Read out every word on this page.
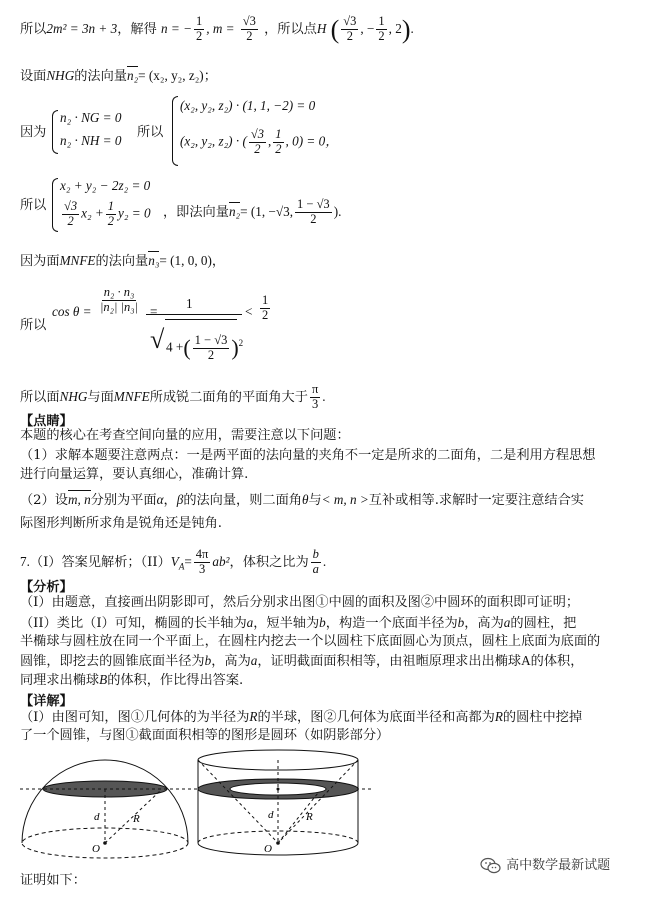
所以2m² = 3n + 3，解得 n = − $\frac{1}{2}$ , $m = \frac{√3}{2}$ ，所以点H ( $\frac{√3}{2}$ , − $\frac{1}{2}$ , 2).
设面NHG的法向量n₂= (x₂, y₂, z₂)；
因为
n₂ · NG = 0
n₂ · NH = 0
所以
(x₂, y₂, z₂) · (1, 1, −2) = 0
(x₂, y₂, z₂) · ( $\frac{√3}{2}$ , $\frac{1}{2}$ , 0) = 0，
所以
x₂ + y₂ − 2z₂ = 0
$\frac{√3}{2} x_2 + \frac{1}{2} y_2 = 0$ ，即法向量n₂= (1, −√3, $\frac{1 - √3}{2}$ ).
因为面MNFE的法向量n₃= (1, 0, 0)，
所以
$\cos \theta = \frac{\text{n₂ · n₃}}{\text{|n₂| |n₃|}}$ =
1
√ 4 +( $\frac{1 - √3}{2} )^2$
< $\frac{1}{2}$
所以面NHG与面MNFE所成锐二面角的平面角大于 $\frac{\pi}{3}$ .
【点睛】
本题的核心在考查空间向量的应用，需要注意以下问题：
（1）求解本题要注意两点：一是两平面的法向量的夹角不一定是所求的二面角，二是利用方程思想
进行向量运算，要认真细心，准确计算.
（2）设m, n分别为平面α，β的法向量，则二面角θ与< m, n >互补或相等.求解时一定要注意结合实
际图形判断所求角是锐角还是钝角.
7.（I）答案见解析；$(II)V_A= \frac{4\pi}{3} ab^2$，体积之比为 $\frac{b}{a}$ .
【分析】
（I）由题意，直接画出阴影即可，然后分别求出图①中圆的面积及图②中圆环的面积即可证明；
（II）类比（I）可知，椭圆的长半轴为a，短半轴为b，构造一个底面半径为b，高为a的圆柱，把
半椭球与圆柱放在同一个平面上，在圆柱内挖去一个以圆柱下底面圆心为顶点，圆柱上底面为底面的
圆锥，即挖去的圆锥底面半径为b，高为a，证明截面面积相等，由祖暅原理求出出椭球A的体积，
同理求出椭球B的体积，作比得出答案.
【详解】
（I）由图可知，图①几何体的为半径为R的半球，图②几何体为底面半径和高都为R的圆柱中挖掉
了一个圆锥，与图①截面面积相等的图形是圆环（如阴影部分）
d	R
O
d	R
O
证明如下：
高中数学最新试题
